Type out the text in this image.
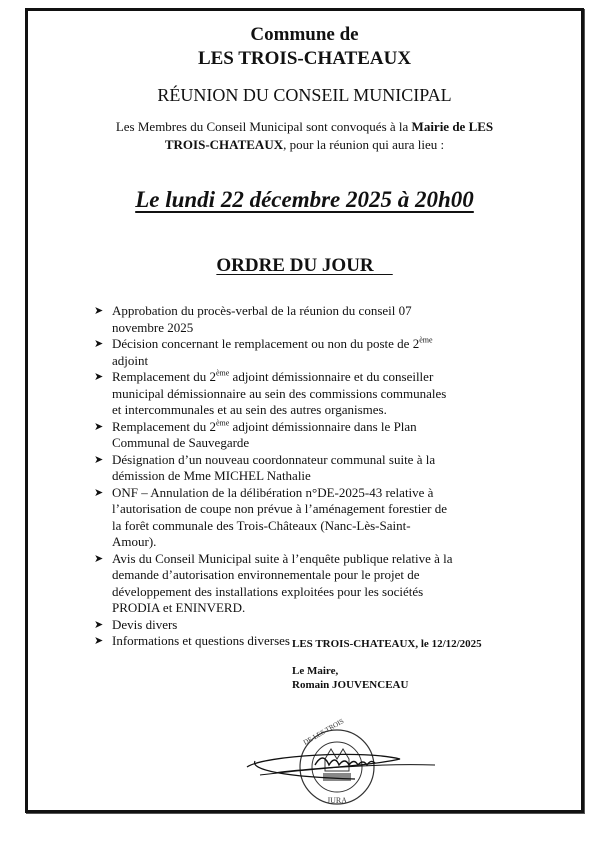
Commune de
LES TROIS-CHATEAUX
RÉUNION DU CONSEIL MUNICIPAL
Les Membres du Conseil Municipal sont convoqués à la Mairie de LES TROIS-CHATEAUX, pour la réunion qui aura lieu :
Le lundi 22 décembre 2025 à 20h00
ORDRE DU JOUR
➤ Approbation du procès-verbal de la réunion du conseil 07 novembre 2025
➤ Décision concernant le remplacement ou non du poste de 2ème adjoint
➤ Remplacement du 2ème adjoint démissionnaire et du conseiller municipal démissionnaire au sein des commissions communales et intercommunales et au sein des autres organismes.
➤ Remplacement du 2ème adjoint démissionnaire dans le Plan Communal de Sauvegarde
➤ Désignation d’un nouveau coordonnateur communal suite à la démission de Mme MICHEL Nathalie
➤ ONF – Annulation de la délibération n°DE-2025-43 relative à l’autorisation de coupe non prévue à l’aménagement forestier de la forêt communale des Trois-Châteaux (Nanc-Lès-Saint-Amour).
➤ Avis du Conseil Municipal suite à l’enquête publique relative à la demande d’autorisation environnementale pour le projet de développement des installations exploitées pour les sociétés PRODIA et ENINVERD.
➤ Devis divers
➤ Informations et questions diverses LES TROIS-CHATEAUX, le 12/12/2025
Le Maire,
Romain JOUVENCEAU
JURA
DE LES TROIS
